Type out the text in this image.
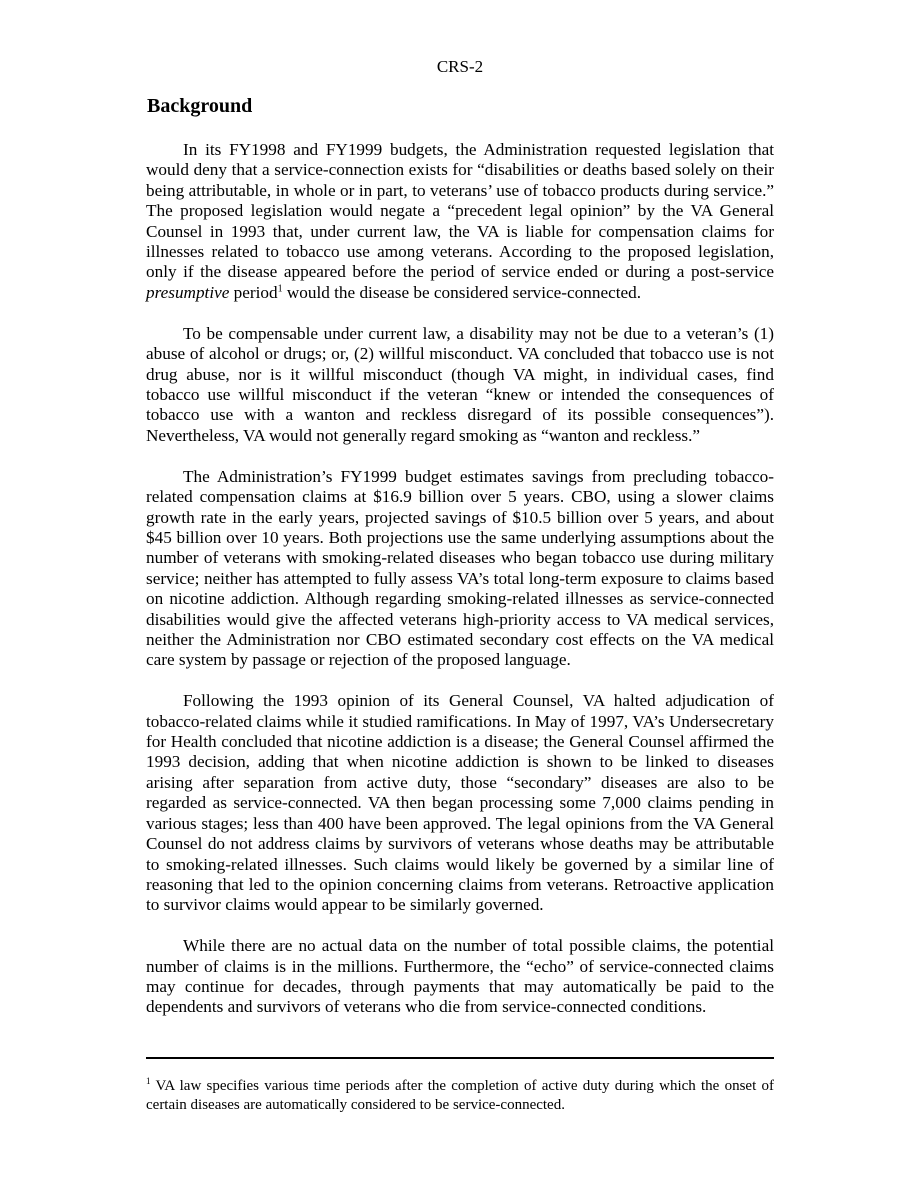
CRS-2
Background

In its FY1998 and FY1999 budgets, the Administration requested legislation that would deny that a service-connection exists for “disabilities or deaths based solely on their being attributable, in whole or in part, to veterans’ use of tobacco products during service.” The proposed legislation would negate a “precedent legal opinion” by the VA General Counsel in 1993 that, under current law, the VA is liable for compensation claims for illnesses related to tobacco use among veterans. According to the proposed legislation, only if the disease appeared before the period of service ended or during a post-service presumptive period$^1$ would the disease be considered service-connected.

To be compensable under current law, a disability may not be due to a veteran’s (1) abuse of alcohol or drugs; or, (2) willful misconduct. VA concluded that tobacco use is not drug abuse, nor is it willful misconduct (though VA might, in individual cases, find tobacco use willful misconduct if the veteran “knew or intended the consequences of tobacco use with a wanton and reckless disregard of its possible consequences”). Nevertheless, VA would not generally regard smoking as “wanton and reckless.”

The Administration’s FY1999 budget estimates savings from precluding tobacco-related compensation claims at $16.9 billion over 5 years. CBO, using a slower claims growth rate in the early years, projected savings of $10.5 billion over 5 years, and about $45 billion over 10 years. Both projections use the same underlying assumptions about the number of veterans with smoking-related diseases who began tobacco use during military service; neither has attempted to fully assess VA’s total long-term exposure to claims based on nicotine addiction. Although regarding smoking-related illnesses as service-connected disabilities would give the affected veterans high-priority access to VA medical services, neither the Administration nor CBO estimated secondary cost effects on the VA medical care system by passage or rejection of the proposed language.

Following the 1993 opinion of its General Counsel, VA halted adjudication of tobacco-related claims while it studied ramifications. In May of 1997, VA’s Undersecretary for Health concluded that nicotine addiction is a disease; the General Counsel affirmed the 1993 decision, adding that when nicotine addiction is shown to be linked to diseases arising after separation from active duty, those “secondary” diseases are also to be regarded as service-connected. VA then began processing some 7,000 claims pending in various stages; less than 400 have been approved. The legal opinions from the VA General Counsel do not address claims by survivors of veterans whose deaths may be attributable to smoking-related illnesses. Such claims would likely be governed by a similar line of reasoning that led to the opinion concerning claims from veterans. Retroactive application to survivor claims would appear to be similarly governed.

While there are no actual data on the number of total possible claims, the potential number of claims is in the millions. Furthermore, the “echo” of service-connected claims may continue for decades, through payments that may automatically be paid to the dependents and survivors of veterans who die from service-connected conditions.

$^1$ VA law specifies various time periods after the completion of active duty during which the onset of certain diseases are automatically considered to be service-connected.
